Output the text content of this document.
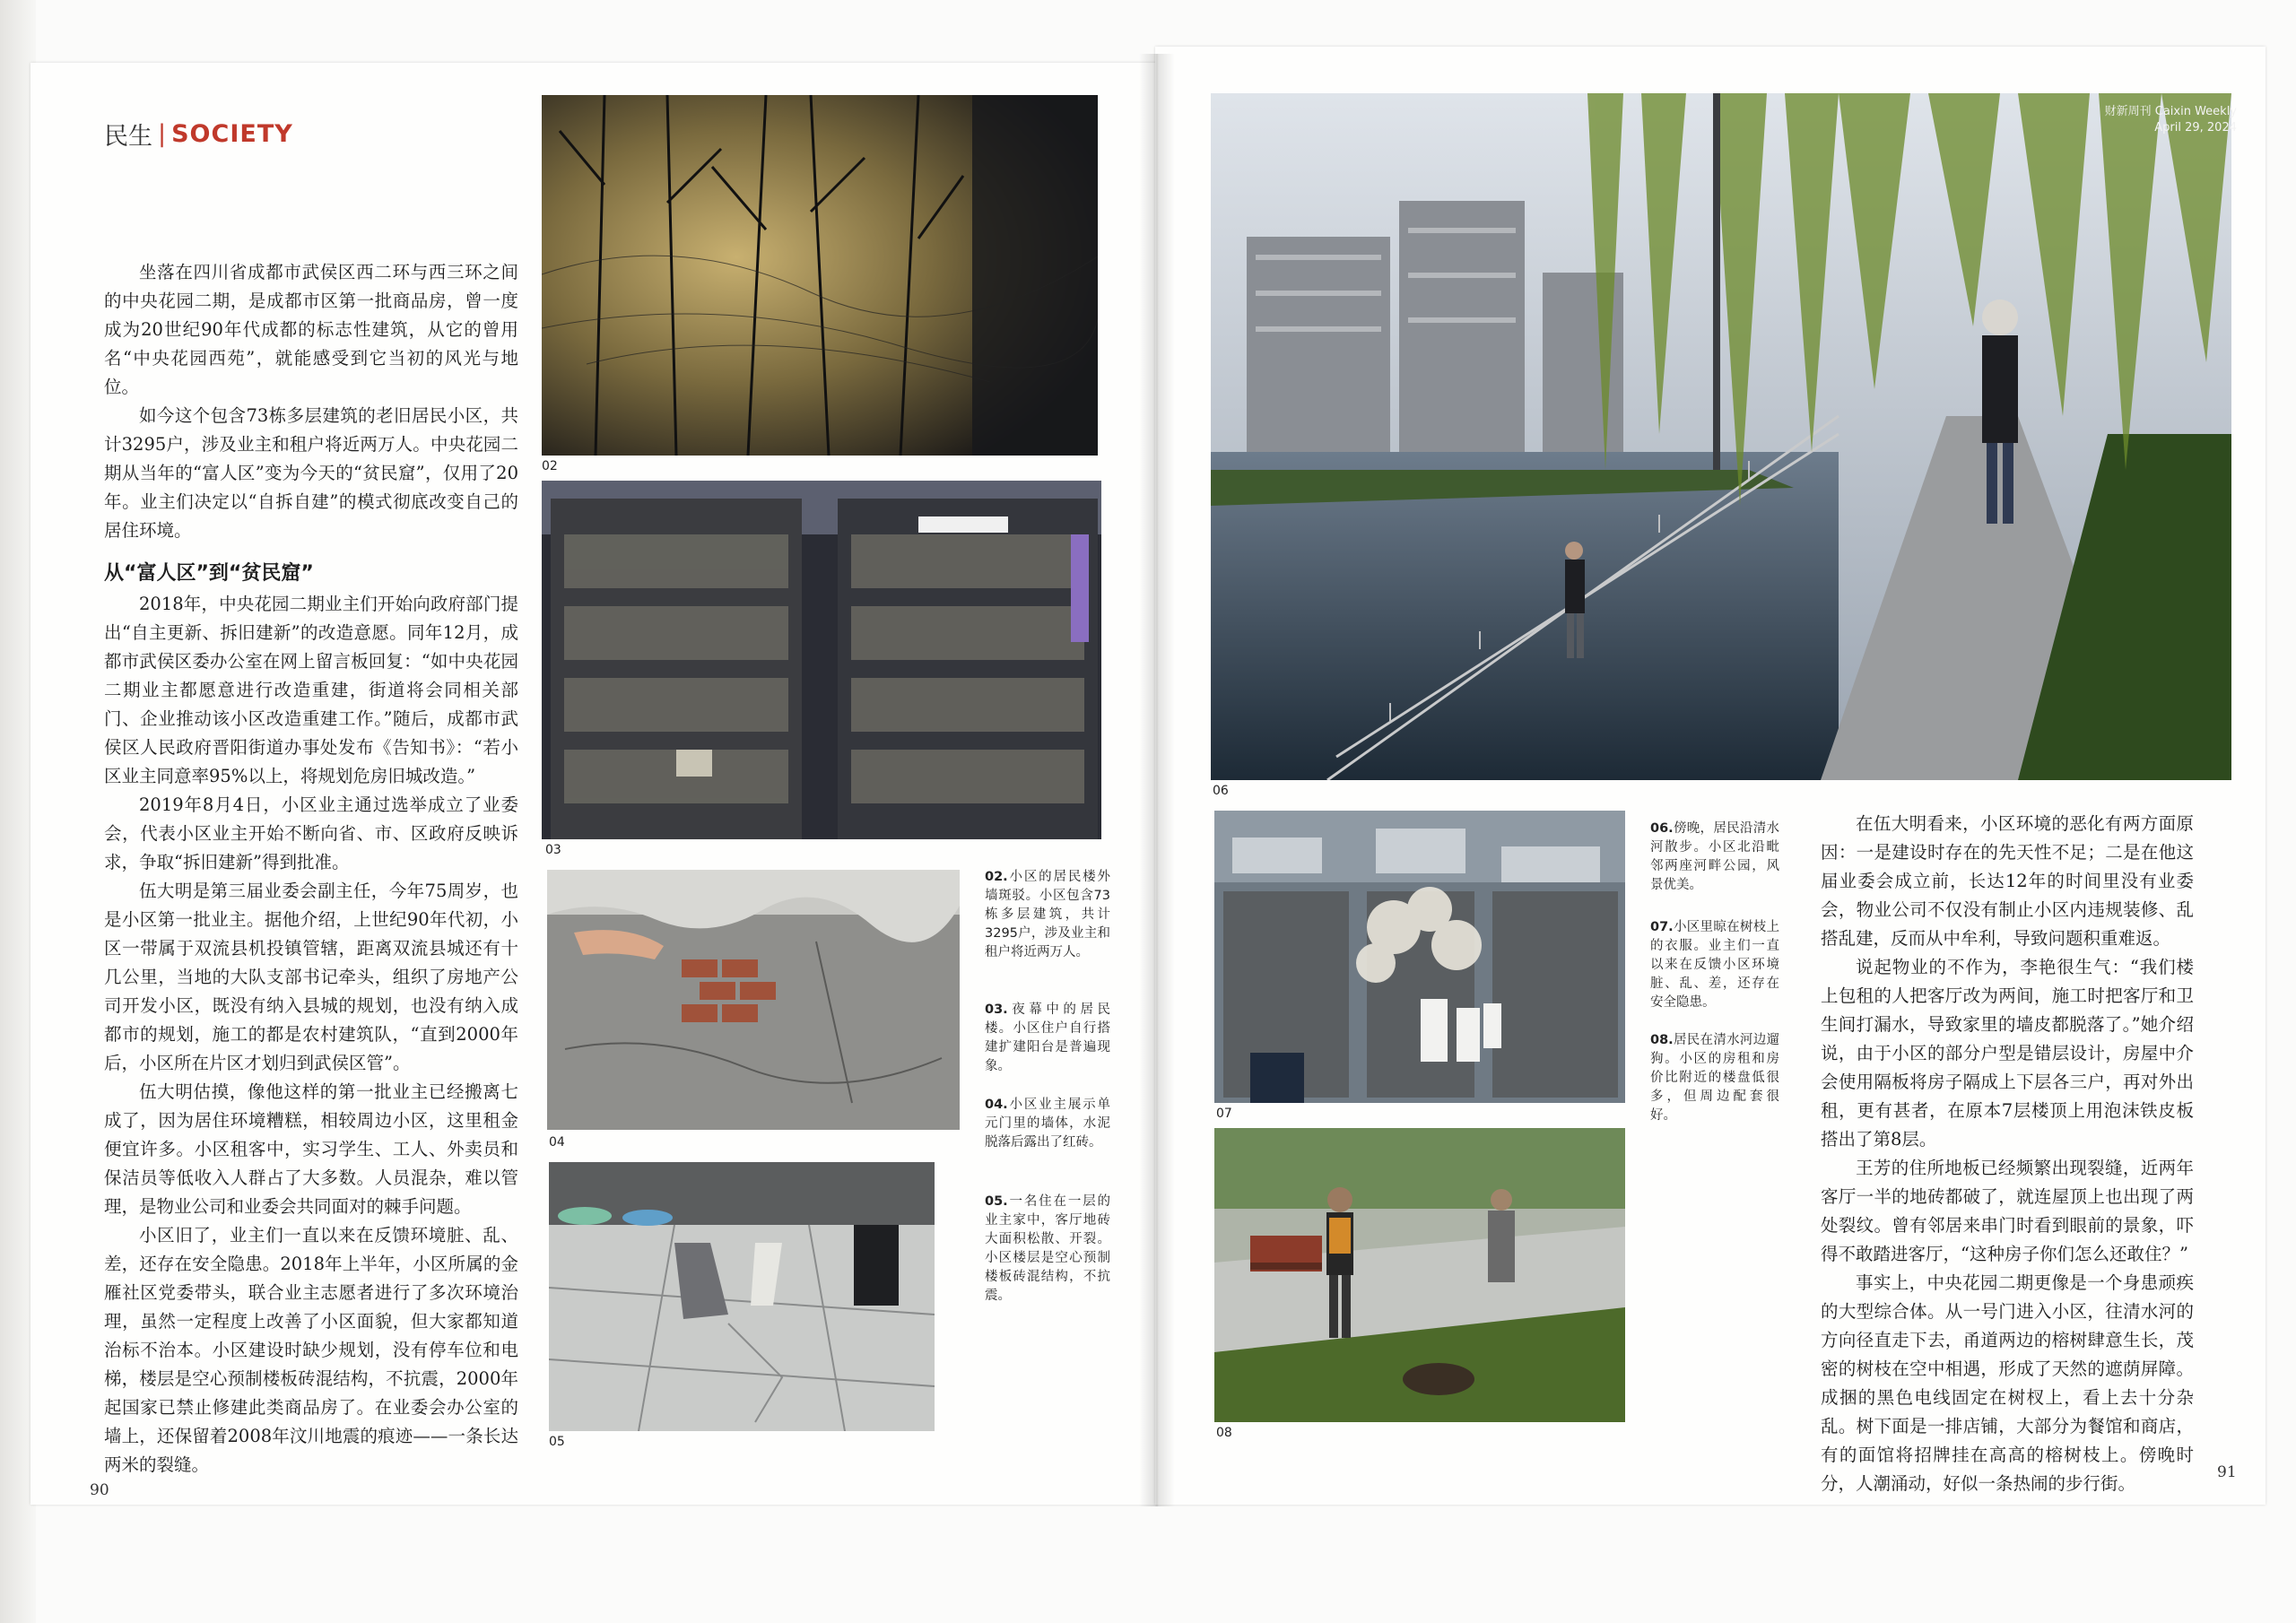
民生 | SOCIETY

坐落在四川省成都市武侯区西二环与西三环之间的中央花园二期，是成都市区第一批商品房，曾一度成为20世纪90年代成都的标志性建筑，从它的曾用名“中央花园西苑”，就能感受到它当初的风光与地位。

如今这个包含73栋多层建筑的老旧居民小区，共计3295户，涉及业主和租户将近两万人。中央花园二期从当年的“富人区”变为今天的“贫民窟”，仅用了20年。业主们决定以“自拆自建”的模式彻底改变自己的居住环境。

从“富人区”到“贫民窟”

2018年，中央花园二期业主们开始向政府部门提出“自主更新、拆旧建新”的改造意愿。同年12月，成都市武侯区委办公室在网上留言板回复：“如中央花园二期业主都愿意进行改造重建，街道将会同相关部门、企业推动该小区改造重建工作。”随后，成都市武侯区人民政府晋阳街道办事处发布《告知书》：“若小区业主同意率95%以上，将规划危房旧城改造。”

2019年8月4日，小区业主通过选举成立了业委会，代表小区业主开始不断向省、市、区政府反映诉求，争取“拆旧建新”得到批准。

伍大明是第三届业委会副主任，今年75周岁，也是小区第一批业主。据他介绍，上世纪90年代初，小区一带属于双流县机投镇管辖，距离双流县城还有十几公里，当地的大队支部书记牵头，组织了房地产公司开发小区，既没有纳入县城的规划，也没有纳入成都市的规划，施工的都是农村建筑队，“直到2000年后，小区所在片区才划归到武侯区管”。

伍大明估摸，像他这样的第一批业主已经搬离七成了，因为居住环境糟糕，相较周边小区，这里租金便宜许多。小区租客中，实习学生、工人、外卖员和保洁员等低收入人群占了大多数。人员混杂，难以管理，是物业公司和业委会共同面对的棘手问题。

小区旧了，业主们一直以来在反馈环境脏、乱、差，还存在安全隐患。2018年上半年，小区所属的金雁社区党委带头，联合业主志愿者进行了多次环境治理，虽然一定程度上改善了小区面貌，但大家都知道治标不治本。小区建设时缺少规划，没有停车位和电梯，楼层是空心预制楼板砖混结构，不抗震，2000年起国家已禁止修建此类商品房了。在业委会办公室的墙上，还保留着2008年汶川地震的痕迹——一条长达两米的裂缝。

02
03
04
05
02.小区的居民楼外墙斑驳。小区包含73栋多层建筑，共计3295户，涉及业主和租户将近两万人。
03.夜幕中的居民楼。小区住户自行搭建扩建阳台是普遍现象。
04.小区业主展示单元门里的墙体，水泥脱落后露出了红砖。
05.一名住在一层的业主家中，客厅地砖大面积松散、开裂。小区楼层是空心预制楼板砖混结构，不抗震。
90
06
07
08
06.傍晚，居民沿清水河散步。小区北沿毗邻两座河畔公园，风景优美。
07.小区里晾在树枝上的衣服。业主们一直以来在反馈小区环境脏、乱、差，还存在安全隐患。
08.居民在清水河边遛狗。小区的房租和房价比附近的楼盘低很多，但周边配套很好。

在伍大明看来，小区环境的恶化有两方面原因：一是建设时存在的先天性不足；二是在他这届业委会成立前，长达12年的时间里没有业委会，物业公司不仅没有制止小区内违规装修、乱搭乱建，反而从中牟利，导致问题积重难返。

说起物业的不作为，李艳很生气：“我们楼上包租的人把客厅改为两间，施工时把客厅和卫生间打漏水，导致家里的墙皮都脱落了。”她介绍说，由于小区的部分户型是错层设计，房屋中介会使用隔板将房子隔成上下层各三户，再对外出租，更有甚者，在原本7层楼顶上用泡沫铁皮板搭出了第8层。

王芳的住所地板已经频繁出现裂缝，近两年客厅一半的地砖都破了，就连屋顶上也出现了两处裂纹。曾有邻居来串门时看到眼前的景象，吓得不敢踏进客厅，“这种房子你们怎么还敢住？”

事实上，中央花园二期更像是一个身患顽疾的大型综合体。从一号门进入小区，往清水河的方向径直走下去，甬道两边的榕树肆意生长，茂密的树枝在空中相遇，形成了天然的遮荫屏障。成捆的黑色电线固定在树杈上，看上去十分杂乱。树下面是一排店铺，大部分为餐馆和商店，有的面馆将招牌挂在高高的榕树枝上。傍晚时分，人潮涌动，好似一条热闹的步行街。

财新周刊 Caixin Weekly
April 29, 2024
91
